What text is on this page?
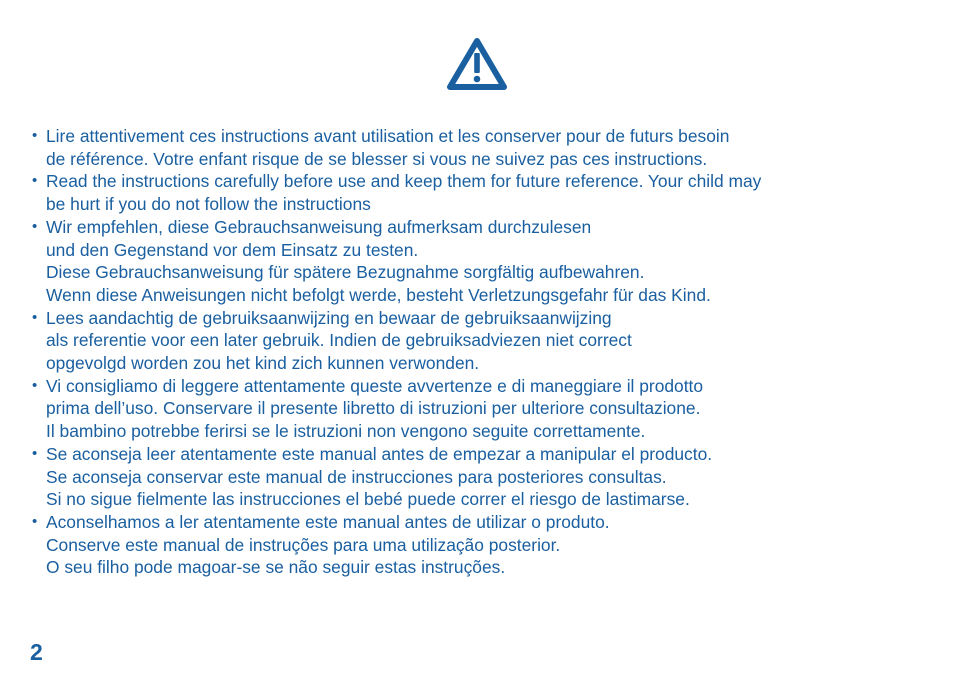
• Lire attentivement ces instructions avant utilisation et les conserver pour de futurs besoin
de référence. Votre enfant risque de se blesser si vous ne suivez pas ces instructions.
• Read the instructions carefully before use and keep them for future reference. Your child may
be hurt if you do not follow the instructions
• Wir empfehlen, diese Gebrauchsanweisung aufmerksam durchzulesen
und den Gegenstand vor dem Einsatz zu testen.
Diese Gebrauchsanweisung für spätere Bezugnahme sorgfältig aufbewahren.
Wenn diese Anweisungen nicht befolgt werde, besteht Verletzungsgefahr für das Kind.
• Lees aandachtig de gebruiksaanwijzing en bewaar de gebruiksaanwijzing
als referentie voor een later gebruik. Indien de gebruiksadviezen niet correct
opgevolgd worden zou het kind zich kunnen verwonden.
• Vi consigliamo di leggere attentamente queste avvertenze e di maneggiare il prodotto
prima dell’uso. Conservare il presente libretto di istruzioni per ulteriore consultazione.
Il bambino potrebbe ferirsi se le istruzioni non vengono seguite correttamente.
• Se aconseja leer atentamente este manual antes de empezar a manipular el producto.
Se aconseja conservar este manual de instrucciones para posteriores consultas.
Si no sigue fielmente las instrucciones el bebé puede correr el riesgo de lastimarse.
• Aconselhamos a ler atentamente este manual antes de utilizar o produto.
Conserve este manual de instruções para uma utilização posterior.
O seu filho pode magoar-se se não seguir estas instruções.
2
